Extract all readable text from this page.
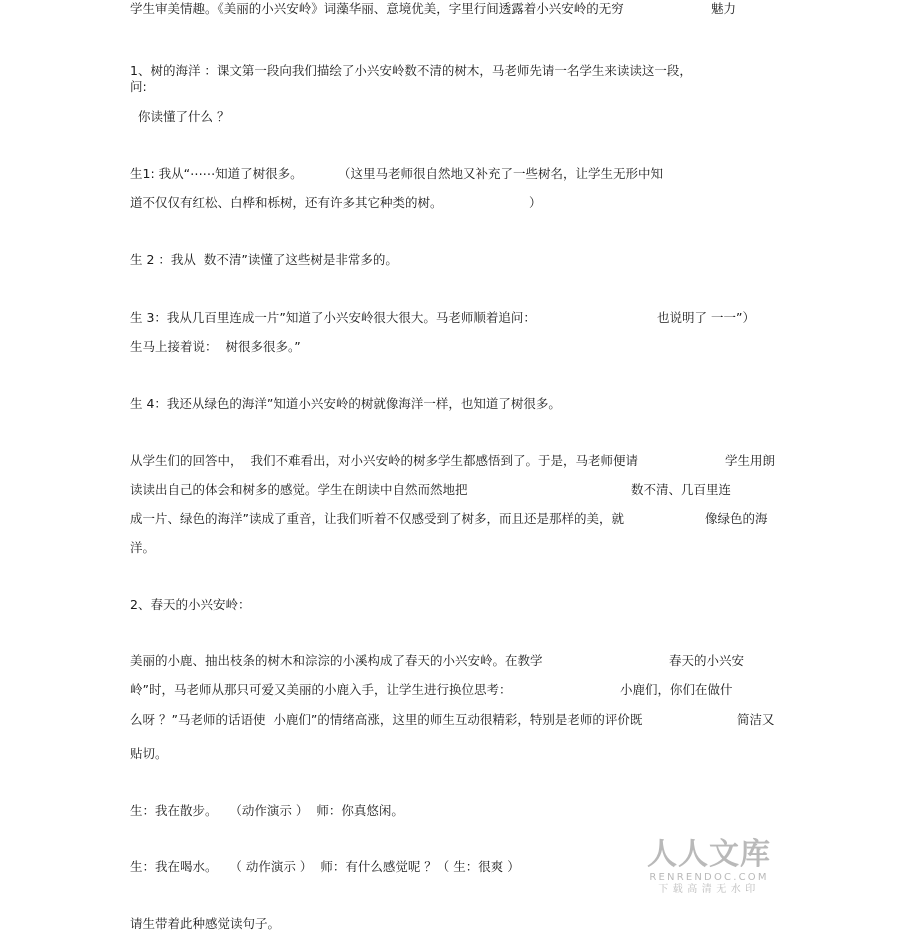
学生审美情趣。《美丽的小兴安岭》词藻华丽、意境优美，字里行间透露着小兴安岭的无穷	魅力
1、树的海洋 ：课文第一段向我们描绘了小兴安岭数不清的树木，马老师先请一名学生来读读这一段，
问:
你读懂了什么 ？
生1: 我从“⋯⋯知道了树很多。	（这里马老师很自然地又补充了一些树名，让学生无形中知
道不仅仅有红松、白桦和栎树，还有许多其它种类的树。	）
生 2 ：我从  数不清”读懂了这些树是非常多的。
生 3：我从几百里连成一片”知道了小兴安岭很大很大。马老师顺着追问：	也说明了 一一”）
生马上接着说：  树很多很多。”
生 4：我还从绿色的海洋”知道小兴安岭的树就像海洋一样，也知道了树很多。
从学生们的回答中，  我们不难看出，对小兴安岭的树多学生都感悟到了。于是，马老师便请	学生用朗
读读出自己的体会和树多的感觉。学生在朗读中自然而然地把	数不清、几百里连
成一片、绿色的海洋”读成了重音，让我们听着不仅感受到了树多，而且还是那样的美，就	像绿色的海
洋。
2、春天的小兴安岭：
美丽的小鹿、抽出枝条的树木和淙淙的小溪构成了春天的小兴安岭。在教学	春天的小兴安
岭”时，马老师从那只可爱又美丽的小鹿入手，让学生进行换位思考：	小鹿们，你们在做什
么呀 ？”马老师的话语使  小鹿们”的情绪高涨，这里的师生互动很精彩，特别是老师的评价既	简洁又
贴切。
生：我在散步。   （动作演示 ）  师：你真悠闲。
生：我在喝水。   （ 动作演示 ）  师：有什么感觉呢 ？（ 生：很爽 ）
请生带着此种感觉读句子。
人人文库
RENRENDOC.COM
下载高清无水印
